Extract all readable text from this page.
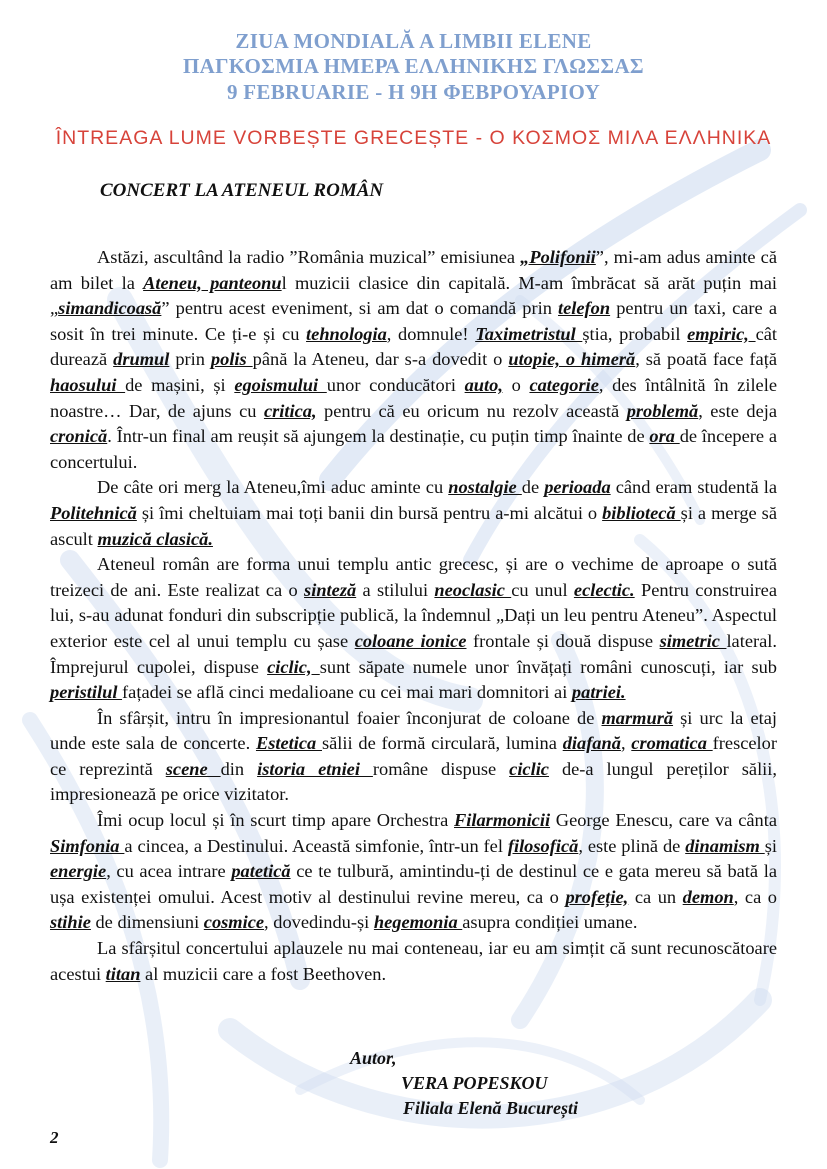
ZIUA MONDIALĂ A LIMBII ELENE
ΠΑΓΚΟΣΜΙΑ ΗΜΕΡΑ ΕΛΛΗΝΙΚΗΣ ΓΛΩΣΣΑΣ
9 FEBRUARIE - Η 9Η ΦΕΒΡΟΥΑΡΙΟΥ
ÎNTREAGA LUME VORBEȘTE GRECEȘTE - Ο ΚΟΣΜΟΣ ΜΙΛΑ ΕΛΛΗΝΙΚΑ
CONCERT LA ATENEUL ROMÂN

Astăzi, ascultând la radio ”România muzical” emisiunea „Polifonii”, mi-am adus aminte că am bilet la Ateneu, panteonul muzicii clasice din capitală. M-am îmbrăcat să arăt puțin mai „simandicoasă” pentru acest eveniment, si am dat o comandă prin telefon pentru un taxi, care a sosit în trei minute. Ce ți-e și cu tehnologia, domnule! Taximetristul știa, probabil empiric, cât durează drumul prin polis până la Ateneu, dar s-a dovedit o utopie, o himeră, să poată face față haosului de mașini, și egoismului unor conducători auto, o categorie, des întâlnită în zilele noastre… Dar, de ajuns cu critica, pentru că eu oricum nu rezolv această problemă, este deja cronică. Într-un final am reușit să ajungem la destinație, cu puțin timp înainte de ora de începere a concertului.

De câte ori merg la Ateneu,îmi aduc aminte cu nostalgie de perioada când eram studentă la Politehnică și îmi cheltuiam mai toți banii din bursă pentru a-mi alcătui o bibliotecă și a merge să ascult muzică clasică.

Ateneul român are forma unui templu antic grecesc, și are o vechime de aproape o sută treizeci de ani. Este realizat ca o sinteză a stilului neoclasic cu unul eclectic. Pentru construirea lui, s-au adunat fonduri din subscripție publică, la îndemnul „Dați un leu pentru Ateneu”. Aspectul exterior este cel al unui templu cu șase coloane ionice frontale și două dispuse simetric lateral. Împrejurul cupolei, dispuse ciclic, sunt săpate numele unor învățați români cunoscuți, iar sub peristilul fațadei se află cinci medalioane cu cei mai mari domnitori ai patriei.

În sfârșit, intru în impresionantul foaier înconjurat de coloane de marmură și urc la etaj unde este sala de concerte. Estetica sălii de formă circulară, lumina diafană, cromatica frescelor ce reprezintă scene din istoria etniei române dispuse ciclic de-a lungul pereților sălii, impresionează pe orice vizitator.

Îmi ocup locul și în scurt timp apare Orchestra Filarmonicii George Enescu, care va cânta Simfonia a cincea, a Destinului. Această simfonie, într-un fel filosofică, este plină de dinamism și energie, cu acea intrare patetică ce te tulbură, amintindu-ți de destinul ce e gata mereu să bată la ușa existenței omului. Acest motiv al destinului revine mereu, ca o profeție, ca un demon, ca o stihie de dimensiuni cosmice, dovedindu-și hegemonia asupra condiției umane.

La sfârșitul concertului aplauzele nu mai conteneau, iar eu am simțit că sunt recunoscătoare acestui titan al muzicii care a fost Beethoven.

Autor,
VERA POPESKOU
Filiala Elenă București
2
